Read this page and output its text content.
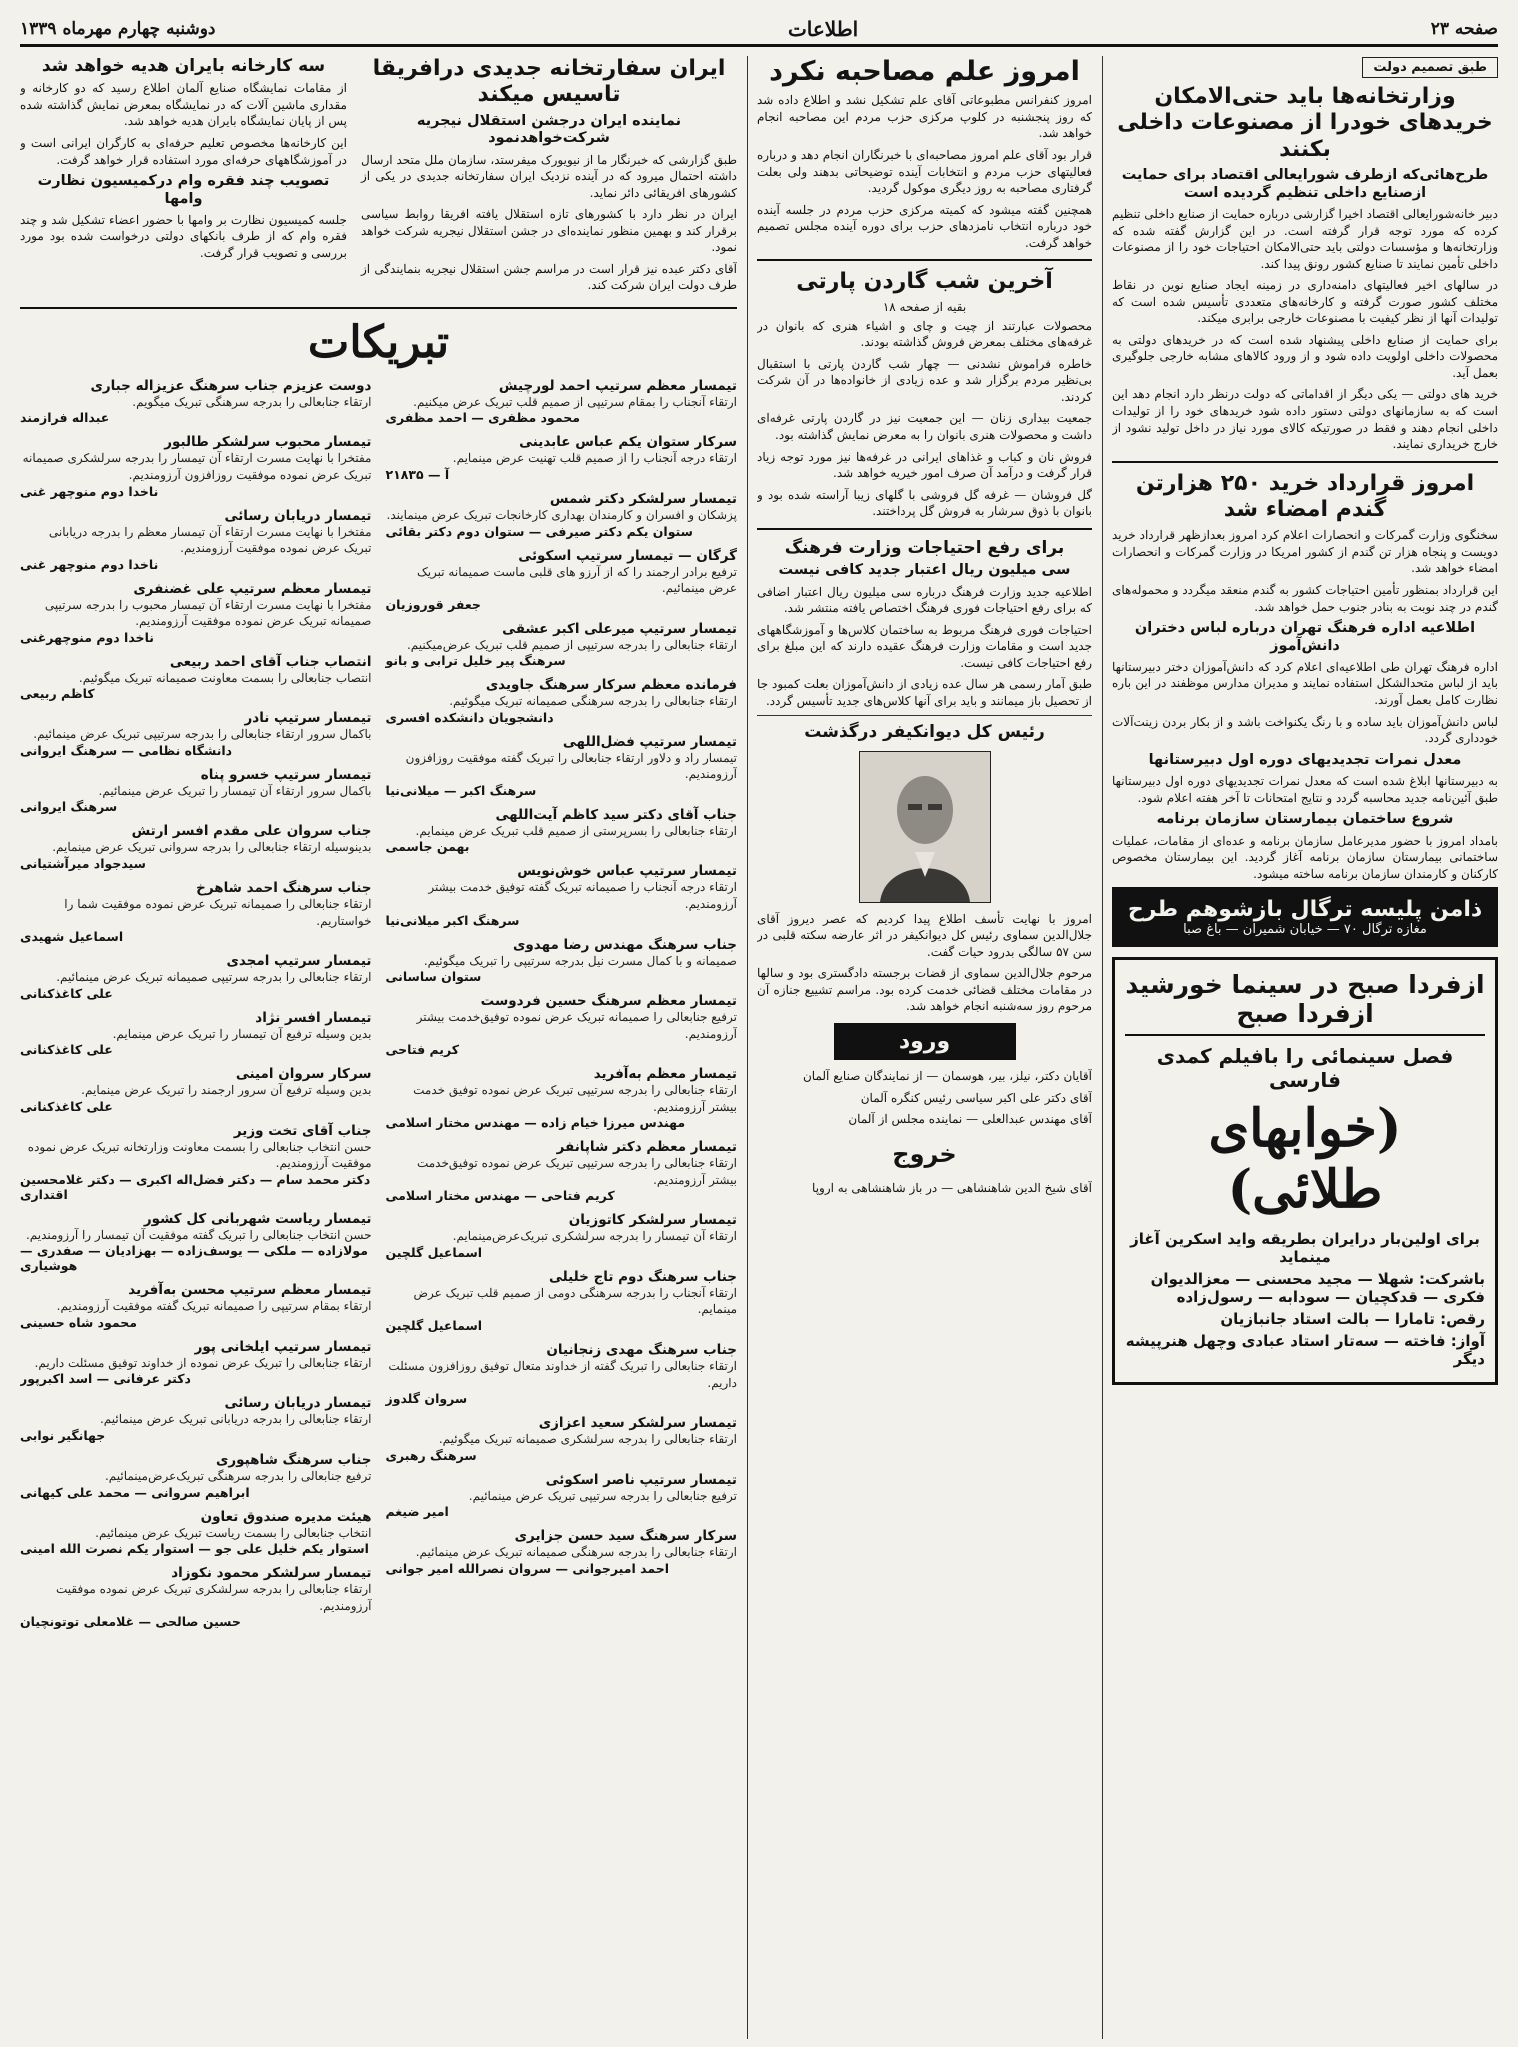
صفحه ۲۳
اطلاعات
دوشنبه چهارم مهرماه ۱۳۳۹
طبق تصمیم دولت
وزارتخانه‌ها باید حتی‌الامکان خریدهای خودرا از مصنوعات داخلی بکنند
طرح‌هائی‌که ازطرف شورایعالی اقتصاد برای حمایت ازصنایع داخلی تنظیم گردیده است

دبیر خانه‌شورایعالی اقتصاد اخیرا گزارشی درباره حمایت از صنایع داخلی تنظیم کرده که مورد توجه قرار گرفته است. در این گزارش گفته شده که وزارتخانه‌ها و مؤسسات دولتی باید حتی‌الامکان احتیاجات خود را از مصنوعات داخلی تأمین نمایند تا صنایع کشور رونق پیدا کند.

در سالهای اخیر فعالیتهای دامنه‌داری در زمینه ایجاد صنایع نوین در نقاط مختلف کشور صورت گرفته و کارخانه‌های متعددی تأسیس شده است که تولیدات آنها از نظر کیفیت با مصنوعات خارجی برابری میکند.

برای حمایت از صنایع داخلی پیشنهاد شده است که در خریدهای دولتی به محصولات داخلی اولویت داده شود و از ورود کالاهای مشابه خارجی جلوگیری بعمل آید.

خرید های دولتی — یکی دیگر از اقداماتی که دولت درنظر دارد انجام دهد این است که به سازمانهای دولتی دستور داده شود خریدهای خود را از تولیدات داخلی انجام دهند و فقط در صورتیکه کالای مورد نیاز در داخل تولید نشود از خارج خریداری نمایند.

امروز قرارداد خرید ۲۵۰ هزارتن گندم امضاء شد

سخنگوی وزارت گمرکات و انحصارات اعلام کرد امروز بعدازظهر قرارداد خرید دویست و پنجاه هزار تن گندم از کشور امریکا در وزارت گمرکات و انحصارات امضاء خواهد شد.

این قرارداد بمنظور تأمین احتیاجات کشور به گندم منعقد میگردد و محموله‌های گندم در چند نوبت به بنادر جنوب حمل خواهد شد.

اطلاعیه اداره فرهنگ تهران درباره لباس دختران دانش‌آموز

اداره فرهنگ تهران طی اطلاعیه‌ای اعلام کرد که دانش‌آموزان دختر دبیرستانها باید از لباس متحدالشکل استفاده نمایند و مدیران مدارس موظفند در این باره نظارت کامل بعمل آورند.

لباس دانش‌آموزان باید ساده و با رنگ یکنواخت باشد و از بکار بردن زینت‌آلات خودداری گردد.

معدل نمرات تجدیدیهای دوره اول دبیرستانها

به دبیرستانها ابلاغ شده است که معدل نمرات تجدیدیهای دوره اول دبیرستانها طبق آئین‌نامه جدید محاسبه گردد و نتایج امتحانات تا آخر هفته اعلام شود.

شروع ساختمان بیمارستان سازمان برنامه

بامداد امروز با حضور مدیرعامل سازمان برنامه و عده‌ای از مقامات، عملیات ساختمانی بیمارستان سازمان برنامه آغاز گردید. این بیمارستان مخصوص کارکنان و کارمندان سازمان برنامه ساخته میشود.

ذامن پلیسه ترگال بازشوهم طرح
مغازه ترگال ۷۰ — خیابان شمیران — باغ صبا
ازفردا صبح در سینما خورشید ازفردا صبح
فصل سینمائی را بافیلم کمدی فارسی
(خوابهای طلائی)
برای اولین‌بار درایران بطریقه واید اسکرین آغاز مینماید
باشرکت: شهلا — مجید محسنی — معزالدیوان فکری — قدکچیان — سودابه — رسول‌زاده
رقص: تامارا — بالت استاد جانبازیان
آواز: فاخته — سه‌تار استاد عبادی وچهل هنرپیشه دیگر
امروز علم مصاحبه نکرد

امروز کنفرانس مطبوعاتی آقای علم تشکیل نشد و اطلاع داده شد که روز پنجشنبه در کلوپ مرکزی حزب مردم این مصاحبه انجام خواهد شد.

قرار بود آقای علم امروز مصاحبه‌ای با خبرنگاران انجام دهد و درباره فعالیتهای حزب مردم و انتخابات آینده توضیحاتی بدهند ولی بعلت گرفتاری مصاحبه به روز دیگری موکول گردید.

همچنین گفته میشود که کمیته مرکزی حزب مردم در جلسه آینده خود درباره انتخاب نامزدهای حزب برای دوره آینده مجلس تصمیم خواهد گرفت.

آخرین شب گاردن پارتی
بقیه از صفحه ۱۸

محصولات عبارتند از چیت و چای و اشیاء هنری که بانوان در غرفه‌های مختلف بمعرض فروش گذاشته بودند.

خاطره فراموش نشدنی — چهار شب گاردن پارتی با استقبال بی‌نظیر مردم برگزار شد و عده زیادی از خانواده‌ها در آن شرکت کردند.

جمعیت بیداری زنان — این جمعیت نیز در گاردن پارتی غرفه‌ای داشت و محصولات هنری بانوان را به معرض نمایش گذاشته بود.

فروش نان و کباب و غذاهای ایرانی در غرفه‌ها نیز مورد توجه زیاد قرار گرفت و درآمد آن صرف امور خیریه خواهد شد.

گل فروشان — غرفه گل فروشی با گلهای زیبا آراسته شده بود و بانوان با ذوق سرشار به فروش گل پرداختند.

برای رفع احتیاجات وزارت فرهنگ
سی میلیون ریال اعتبار جدید کافی نیست

اطلاعیه جدید وزارت فرهنگ درباره سی میلیون ریال اعتبار اضافی که برای رفع احتیاجات فوری فرهنگ اختصاص یافته منتشر شد.

احتیاجات فوری فرهنگ مربوط به ساختمان کلاس‌ها و آموزشگاههای جدید است و مقامات وزارت فرهنگ عقیده دارند که این مبلغ برای رفع احتیاجات کافی نیست.

طبق آمار رسمی هر سال عده زیادی از دانش‌آموزان بعلت کمبود جا از تحصیل باز میمانند و باید برای آنها کلاس‌های جدید تأسیس گردد.

رئیس کل دیوانکیفر درگذشت

امروز با نهایت تأسف اطلاع پیدا کردیم که عصر دیروز آقای جلال‌الدین سماوی رئیس کل دیوانکیفر در اثر عارضه سکته قلبی در سن ۵۷ سالگی بدرود حیات گفت.

مرحوم جلال‌الدین سماوی از قضات برجسته دادگستری بود و سالها در مقامات مختلف قضائی خدمت کرده بود. مراسم تشییع جنازه آن مرحوم روز سه‌شنبه انجام خواهد شد.

ورود

آقایان دکتر، نیلز، بیر، هوسمان — از نمایندگان صنایع آلمان

آقای دکتر علی اکبر سیاسی رئیس کنگره آلمان

آقای مهندس عبدالعلی — نماینده مجلس از آلمان

خروج

آقای شیخ الدین شاهنشاهی — در باز شاهنشاهی به اروپا

ایران سفارتخانه جدیدی درافریقا تاسیس میکند
نماینده ایران درجشن استقلال نیجریه شرکت‌خواهدنمود

طبق گزارشی که خبرنگار ما از نیویورک میفرستد، سازمان ملل متحد ارسال داشته احتمال میرود که در آینده نزدیک ایران سفارتخانه جدیدی در یکی از کشورهای افریقائی دائر نماید.

ایران در نظر دارد با کشورهای تازه استقلال یافته افریقا روابط سیاسی برقرار کند و بهمین منظور نماینده‌ای در جشن استقلال نیجریه شرکت خواهد نمود.

آقای دکتر عبده نیز قرار است در مراسم جشن استقلال نیجریه بنمایندگی از طرف دولت ایران شرکت کند.

سه کارخانه بایران هدیه خواهد شد

از مقامات نمایشگاه صنایع آلمان اطلاع رسید که دو کارخانه و مقداری ماشین آلات که در نمایشگاه بمعرض نمایش گذاشته شده پس از پایان نمایشگاه بایران هدیه خواهد شد.

این کارخانه‌ها مخصوص تعلیم حرفه‌ای به کارگران ایرانی است و در آموزشگاههای حرفه‌ای مورد استفاده قرار خواهد گرفت.

تصویب چند فقره وام درکمیسیون نظارت وامها

جلسه کمیسیون نظارت بر وامها با حضور اعضاء تشکیل شد و چند فقره وام که از طرف بانکهای دولتی درخواست شده بود مورد بررسی و تصویب قرار گرفت.

تبریکات
تیمسار معظم سرتیپ احمد لورچیش
ارتقاء آنجناب را بمقام سرتیپی از صمیم قلب تبریک عرض میکنیم.
محمود مظفری — احمد مظفری
سرکار ستوان یکم عباس عابدینی
ارتقاء درجه آنجناب را از صمیم قلب تهنیت عرض مینمایم.
آ — ۲۱۸۳۵
تیمسار سرلشکر دکتر شمس
پزشکان و افسران و کارمندان بهداری کارخانجات تبریک عرض مینمایند.
ستوان یکم دکتر صیرفی — ستوان دوم دکتر بقائی
گرگان — تیمسار سرتیپ اسکوئی
ترفیع برادر ارجمند را که از آرزو های قلبی ماست صمیمانه تبریک عرض مینمائیم.
جعفر قوروزیان
تیمسار سرتیپ میرعلی اکبر عشقی
ارتقاء جنابعالی را بدرجه سرتیپی از صمیم قلب تبریک عرض‌میکنیم.
سرهنگ پیر خلیل ترابی و بانو
فرمانده معظم سرکار سرهنگ جاویدی
ارتقاء جنابعالی را بدرجه سرهنگی صمیمانه تبریک میگوئیم.
دانشجویان دانشکده افسری
تیمسار سرتیپ فضل‌اللهی
تیمسار راد و دلاور ارتقاء جنابعالی را تبریک گفته موفقیت روزافزون آرزومندیم.
سرهنگ اکبر — میلانی‌نیا
جناب آقای دکتر سید کاظم آیت‌اللهی
ارتقاء جنابعالی را بسرپرستی از صمیم قلب تبریک عرض مینمایم.
بهمن جاسمی
تیمسار سرتیپ عباس خوش‌نویس
ارتقاء درجه آنجناب را صمیمانه تبریک گفته توفیق خدمت بیشتر آرزومندیم.
سرهنگ اکبر میلانی‌نیا
جناب سرهنگ مهندس رضا مهدوی
صمیمانه و با کمال مسرت نیل بدرجه سرتیپی را تبریک میگوئیم.
ستوان ساسانی
تیمسار معظم سرهنگ حسین فردوست
ترفیع جنابعالی را صمیمانه تبریک عرض نموده توفیق‌خدمت بیشتر آرزومندیم.
کریم فتاحی
تیمسار معظم به‌آفرید
ارتقاء جنابعالی را بدرجه سرتیپی تبریک عرض نموده توفیق خدمت بیشتر آرزومندیم.
مهندس میرزا خیام زاده — مهندس مختار اسلامی
تیمسار معظم دکتر شاپانفر
ارتقاء جنابعالی را بدرجه سرتیپی تبریک عرض نموده توفیق‌خدمت بیشتر آرزومندیم.
کریم فتاحی — مهندس مختار اسلامی
تیمسار سرلشکر کاتوزیان
ارتقاء آن تیمسار را بدرجه سرلشکری تبریک‌عرض‌مینمایم.
اسماعیل گلچین
جناب سرهنگ دوم تاج خلیلی
ارتقاء آنجناب را بدرجه سرهنگی دومی از صمیم قلب تبریک عرض مینمایم.
اسماعیل گلچین
جناب سرهنگ مهدی زنجانیان
ارتقاء جنابعالی را تبریک گفته از خداوند متعال توفیق روزافزون مسئلت داریم.
سروان گلدوز
تیمسار سرلشکر سعید اعزازی
ارتقاء جنابعالی را بدرجه سرلشکری صمیمانه تبریک میگوئیم.
سرهنگ رهبری
تیمسار سرتیپ ناصر اسکوئی
ترفیع جنابعالی را بدرجه سرتیپی تبریک عرض مینمائیم.
امیر ضیغم
سرکار سرهنگ سید حسن جزایری
ارتقاء جنابعالی را بدرجه سرهنگی صمیمانه تبریک عرض مینمائیم.
احمد امیرجوانی — سروان نصرالله امیر جوانی
دوست عزیزم جناب سرهنگ عزیزاله جباری
ارتقاء جنابعالی را بدرجه سرهنگی تبریک میگویم.
عبداله فرازمند
تیمسار محبوب سرلشکر طالبور
مفتخرا با نهایت مسرت ارتقاء آن تیمسار را بدرجه سرلشکری صمیمانه تبریک عرض نموده موفقیت روزافزون آرزومندیم.
ناخدا دوم منوچهر غنی
تیمسار دریابان رسائی
مفتخرا با نهایت مسرت ارتقاء آن تیمسار معظم را بدرجه دریابانی تبریک عرض نموده موفقیت آرزومندیم.
ناخدا دوم منوچهر غنی
تیمسار معظم سرتیپ علی غضنفری
مفتخرا با نهایت مسرت ارتقاء آن تیمسار محبوب را بدرجه سرتیپی صمیمانه تبریک عرض نموده موفقیت آرزومندیم.
ناخدا دوم منوچهرغنی
انتصاب جناب آقای احمد ربیعی
انتصاب جنابعالی را بسمت معاونت صمیمانه تبریک میگوئیم.
کاظم ربیعی
تیمسار سرتیپ نادر
باکمال سرور ارتقاء جنابعالی را بدرجه سرتیپی تبریک عرض مینمائیم.
دانشگاه نظامی — سرهنگ ایروانی
تیمسار سرتیپ خسرو پناه
باکمال سرور ارتقاء آن تیمسار را تبریک عرض مینمائیم.
سرهنگ ایروانی
جناب سروان علی مقدم افسر ارتش
بدینوسیله ارتقاء جنابعالی را بدرجه سروانی تبریک عرض مینمایم.
سیدجواد میرآشتیانی
جناب سرهنگ احمد شاهرخ
ارتقاء جنابعالی را صمیمانه تبریک عرض نموده موفقیت شما را خواستاریم.
اسماعیل شهیدی
تیمسار سرتیپ امجدی
ارتقاء جنابعالی را بدرجه سرتیپی صمیمانه تبریک عرض مینمائیم.
علی کاغذکنانی
تیمسار افسر نژاد
بدین وسیله ترفیع آن تیمسار را تبریک عرض مینمایم.
علی کاغذکنانی
سرکار سروان امینی
بدین وسیله ترفیع آن سرور ارجمند را تبریک عرض مینمایم.
علی کاغذکنانی
جناب آقای تخت وزیر
حسن انتخاب جنابعالی را بسمت معاونت وزارتخانه تبریک عرض نموده موفقیت آرزومندیم.
دکتر محمد سام — دکتر فضل‌اله اکبری — دکتر غلامحسین اقتداری
تیمسار ریاست شهربانی کل کشور
حسن انتخاب جنابعالی را تبریک گفته موفقیت آن تیمسار را آرزومندیم.
مولازاده — ملکی — یوسف‌زاده — بهزادیان — صفدری — هوشیاری
تیمسار معظم سرتیپ محسن به‌آفرید
ارتقاء بمقام سرتیپی را صمیمانه تبریک گفته موفقیت آرزومندیم.
محمود شاه حسینی
تیمسار سرتیپ ایلخانی پور
ارتقاء جنابعالی را تبریک عرض نموده از خداوند توفیق مسئلت داریم.
دکتر عرفانی — اسد اکبرپور
تیمسار دریابان رسائی
ارتقاء جنابعالی را بدرجه دریابانی تبریک عرض مینمائیم.
جهانگیر نوابی
جناب سرهنگ شاهپوری
ترفیع جنابعالی را بدرجه سرهنگی تبریک‌عرض‌مینمائیم.
ابراهیم سروانی — محمد علی کیهانی
هیئت مدیره صندوق تعاون
انتخاب جنابعالی را بسمت ریاست تبریک عرض مینمائیم.
استوار یکم خلیل علی جو — استوار یکم نصرت الله امینی
تیمسار سرلشکر محمود نکوزاد
ارتقاء جنابعالی را بدرجه سرلشکری تبریک عرض نموده موفقیت آرزومندیم.
حسین صالحی — غلامعلی توتونچیان
